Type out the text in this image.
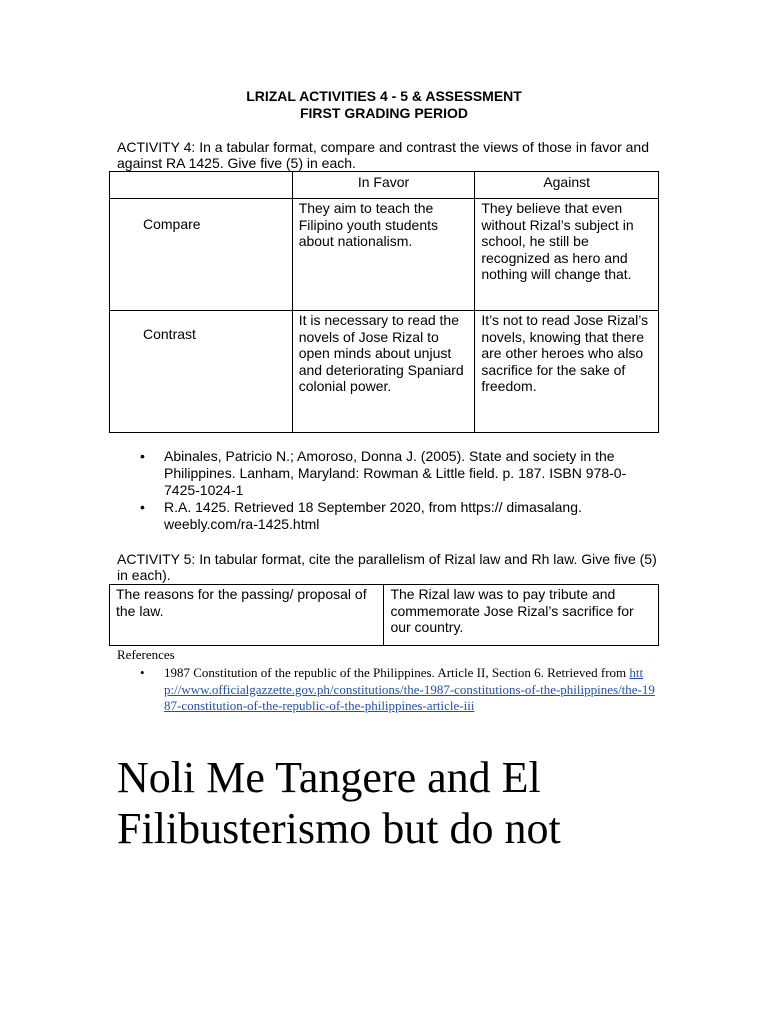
LRIZAL ACTIVITIES 4 - 5 & ASSESSMENT
FIRST GRADING PERIOD
ACTIVITY 4: In a tabular format, compare and contrast the views of those in favor and against RA 1425. Give five (5) in each.
	In Favor	Against
Compare	They aim to teach the Filipino youth students about nationalism.	They believe that even without Rizal’s subject in school, he still be recognized as hero and nothing will change that.
Contrast	It is necessary to read the novels of Jose Rizal to open minds about unjust and deteriorating Spaniard colonial power.	It’s not to read Jose Rizal’s novels, knowing that there are other heroes who also sacrifice for the sake of freedom.
• Abinales, Patricio N.; Amoroso, Donna J. (2005). State and society in the Philippines. Lanham, Maryland: Rowman & Little field. p. 187. ISBN 978-0-7425-1024-1
• R.A. 1425. Retrieved 18 September 2020, from https:// dimasalang. weebly.com/ra-1425.html
ACTIVITY 5: In tabular format, cite the parallelism of Rizal law and Rh law. Give five (5) in each).
The reasons for the passing/ proposal of the law.	The Rizal law was to pay tribute and commemorate Jose Rizal’s sacrifice for our country.
References
• 1987 Constitution of the republic of the Philippines. Article II, Section 6. Retrieved from http://www.officialgazzette.gov.ph/constitutions/the-1987-constitutions-of-the-philippines/the-1987-constitution-of-the-republic-of-the-philippines-article-iii
Noli Me Tangere and El Filibusterismo but do not
